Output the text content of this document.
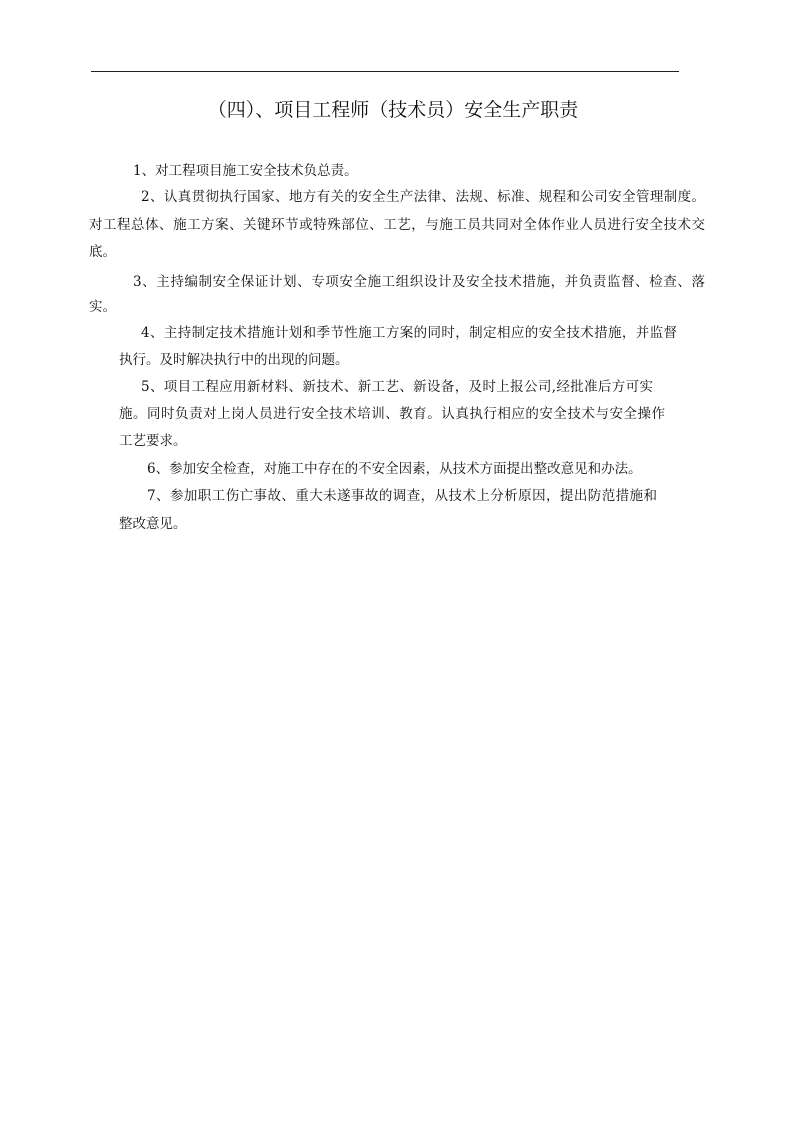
（四）、项目工程师（技术员）安全生产职责
1、对工程项目施工安全技术负总责。
2、认真贯彻执行国家、地方有关的安全生产法律、法规、标准、规程和公司安全管理制度。
对工程总体、施工方案、关键环节或特殊部位、工艺，与施工员共同对全体作业人员进行安全技术交
底。
3、主持编制安全保证计划、专项安全施工组织设计及安全技术措施，并负责监督、检查、落
实。
4、主持制定技术措施计划和季节性施工方案的同时，制定相应的安全技术措施，并监督
执行。及时解决执行中的出现的问题。
5、项目工程应用新材料、新技术、新工艺、新设备，及时上报公司,经批准后方可实
施。同时负责对上岗人员进行安全技术培训、教育。认真执行相应的安全技术与安全操作
工艺要求。
6、参加安全检查，对施工中存在的不安全因素，从技术方面提出整改意见和办法。
7、参加职工伤亡事故、重大未遂事故的调查，从技术上分析原因，提出防范措施和
整改意见。
